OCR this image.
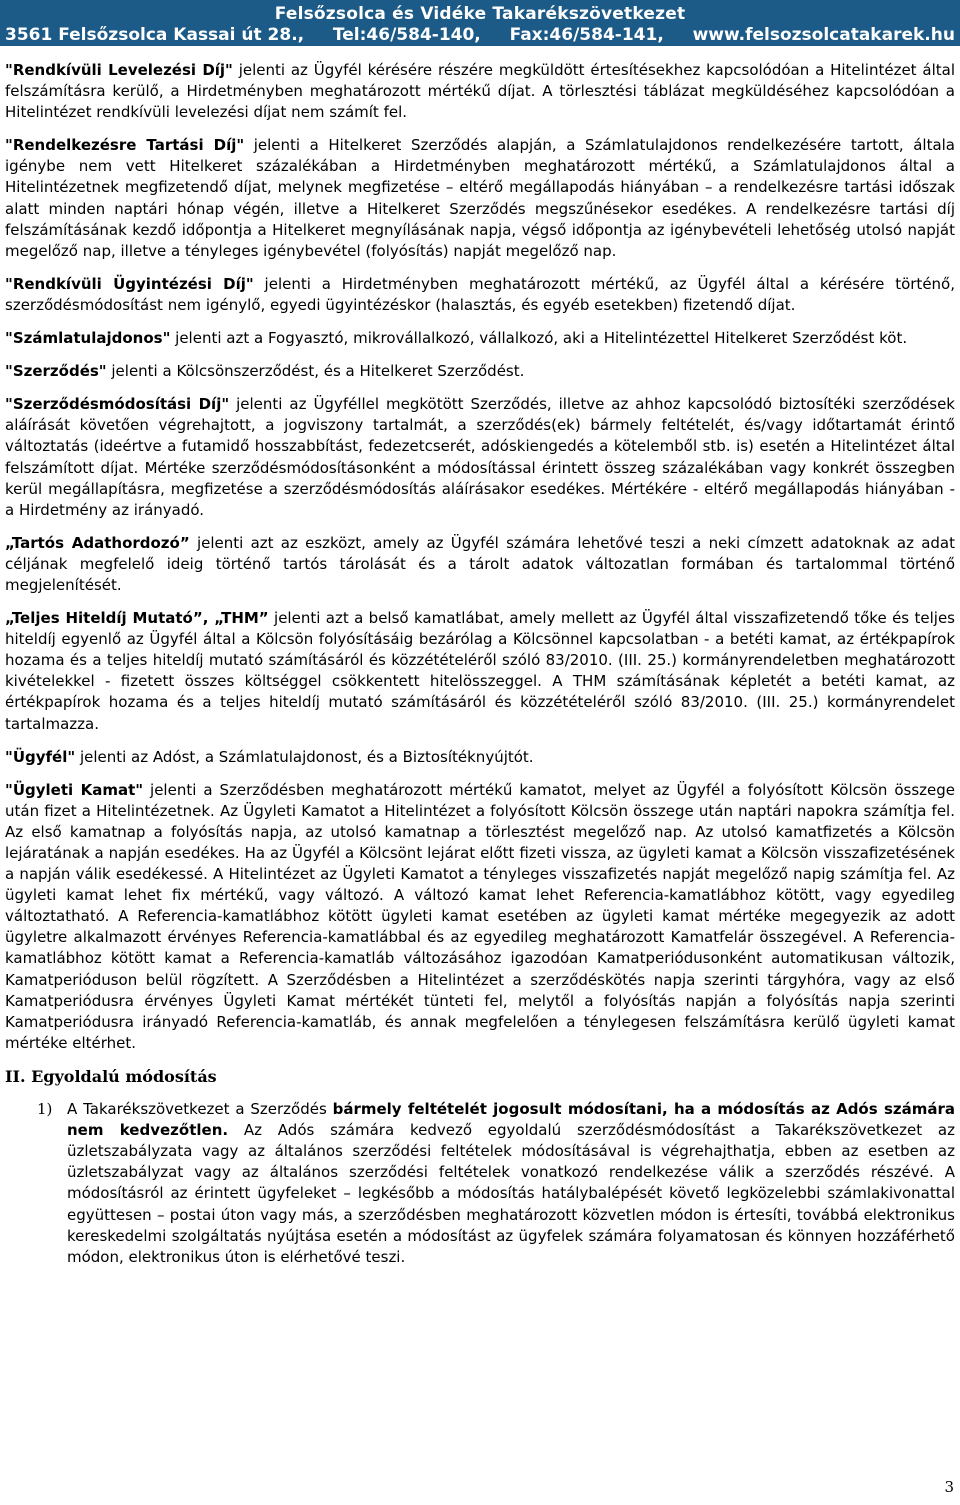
Felsőzsolca és Vidéke Takarékszövetkezet
3561 Felsőzsolca Kassai út 28., Tel:46/584-140, Fax:46/584-141, www.felsozsolcatakarek.hu

"Rendkívüli Levelezési Díj" jelenti az Ügyfél kérésére részére megküldött értesítésekhez kapcsolódóan a Hitelintézet által felszámításra kerülő, a Hirdetményben meghatározott mértékű díjat. A törlesztési táblázat megküldéséhez kapcsolódóan a Hitelintézet rendkívüli levelezési díjat nem számít fel.

"Rendelkezésre Tartási Díj" jelenti a Hitelkeret Szerződés alapján, a Számlatulajdonos rendelkezésére tartott, általa igénybe nem vett Hitelkeret százalékában a Hirdetményben meghatározott mértékű, a Számlatulajdonos által a Hitelintézetnek megfizetendő díjat, melynek megfizetése – eltérő megállapodás hiányában – a rendelkezésre tartási időszak alatt minden naptári hónap végén, illetve a Hitelkeret Szerződés megszűnésekor esedékes. A rendelkezésre tartási díj felszámításának kezdő időpontja a Hitelkeret megnyílásának napja, végső időpontja az igénybevételi lehetőség utolsó napját megelőző nap, illetve a tényleges igénybevétel (folyósítás) napját megelőző nap.

"Rendkívüli Ügyintézési Díj" jelenti a Hirdetményben meghatározott mértékű, az Ügyfél által a kérésére történő, szerződésmódosítást nem igénylő, egyedi ügyintézéskor (halasztás, és egyéb esetekben) fizetendő díjat.

"Számlatulajdonos" jelenti azt a Fogyasztó, mikrovállalkozó, vállalkozó, aki a Hitelintézettel Hitelkeret Szerződést köt.

"Szerződés" jelenti a Kölcsönszerződést, és a Hitelkeret Szerződést.

"Szerződésmódosítási Díj" jelenti az Ügyféllel megkötött Szerződés, illetve az ahhoz kapcsolódó biztosítéki szerződések aláírását követően végrehajtott, a jogviszony tartalmát, a szerződés(ek) bármely feltételét, és/vagy időtartamát érintő változtatás (ideértve a futamidő hosszabbítást, fedezetcserét, adóskiengedés a kötelemből stb. is) esetén a Hitelintézet által felszámított díjat. Mértéke szerződésmódosításonként a módosítással érintett összeg százalékában vagy konkrét összegben kerül megállapításra, megfizetése a szerződésmódosítás aláírásakor esedékes. Mértékére - eltérő megállapodás hiányában - a Hirdetmény az irányadó.

„Tartós Adathordozó” jelenti azt az eszközt, amely az Ügyfél számára lehetővé teszi a neki címzett adatoknak az adat céljának megfelelő ideig történő tartós tárolását és a tárolt adatok változatlan formában és tartalommal történő megjelenítését.

„Teljes Hiteldíj Mutató”, „THM” jelenti azt a belső kamatlábat, amely mellett az Ügyfél által visszafizetendő tőke és teljes hiteldíj egyenlő az Ügyfél által a Kölcsön folyósításáig bezárólag a Kölcsönnel kapcsolatban - a betéti kamat, az értékpapírok hozama és a teljes hiteldíj mutató számításáról és közzétételéről szóló 83/2010. (III. 25.) kormányrendeletben meghatározott kivételekkel - fizetett összes költséggel csökkentett hitelösszeggel. A THM számításának képletét a betéti kamat, az értékpapírok hozama és a teljes hiteldíj mutató számításáról és közzétételéről szóló 83/2010. (III. 25.) kormányrendelet tartalmazza.

"Ügyfél" jelenti az Adóst, a Számlatulajdonost, és a Biztosítéknyújtót.

"Ügyleti Kamat" jelenti a Szerződésben meghatározott mértékű kamatot, melyet az Ügyfél a folyósított Kölcsön összege után fizet a Hitelintézetnek. Az Ügyleti Kamatot a Hitelintézet a folyósított Kölcsön összege után naptári napokra számítja fel. Az első kamatnap a folyósítás napja, az utolsó kamatnap a törlesztést megelőző nap. Az utolsó kamatfizetés a Kölcsön lejáratának a napján esedékes. Ha az Ügyfél a Kölcsönt lejárat előtt fizeti vissza, az ügyleti kamat a Kölcsön visszafizetésének a napján válik esedékessé. A Hitelintézet az Ügyleti Kamatot a tényleges visszafizetés napját megelőző napig számítja fel. Az ügyleti kamat lehet fix mértékű, vagy változó. A változó kamat lehet Referencia-kamatlábhoz kötött, vagy egyedileg változtatható. A Referencia-kamatlábhoz kötött ügyleti kamat esetében az ügyleti kamat mértéke megegyezik az adott ügyletre alkalmazott érvényes Referencia-kamatlábbal és az egyedileg meghatározott Kamatfelár összegével. A Referencia-kamatlábhoz kötött kamat a Referencia-kamatláb változásához igazodóan Kamatperiódusonként automatikusan változik, Kamatperióduson belül rögzített. A Szerződésben a Hitelintézet a szerződéskötés napja szerinti tárgyhóra, vagy az első Kamatperiódusra érvényes Ügyleti Kamat mértékét tünteti fel, melytől a folyósítás napján a folyósítás napja szerinti Kamatperiódusra irányadó Referencia-kamatláb, és annak megfelelően a ténylegesen felszámításra kerülő ügyleti kamat mértéke eltérhet.

II. Egyoldalú módosítás
1) A Takarékszövetkezet a Szerződés bármely feltételét jogosult módosítani, ha a módosítás az Adós számára nem kedvezőtlen. Az Adós számára kedvező egyoldalú szerződésmódosítást a Takarékszövetkezet az üzletszabályzata vagy az általános szerződési feltételek módosításával is végrehajthatja, ebben az esetben az üzletszabályzat vagy az általános szerződési feltételek vonatkozó rendelkezése válik a szerződés részévé. A módosításról az érintett ügyfeleket – legkésőbb a módosítás hatálybalépését követő legközelebbi számlakivonattal együttesen – postai úton vagy más, a szerződésben meghatározott közvetlen módon is értesíti, továbbá elektronikus kereskedelmi szolgáltatás nyújtása esetén a módosítást az ügyfelek számára folyamatosan és könnyen hozzáférhető módon, elektronikus úton is elérhetővé teszi.
3
